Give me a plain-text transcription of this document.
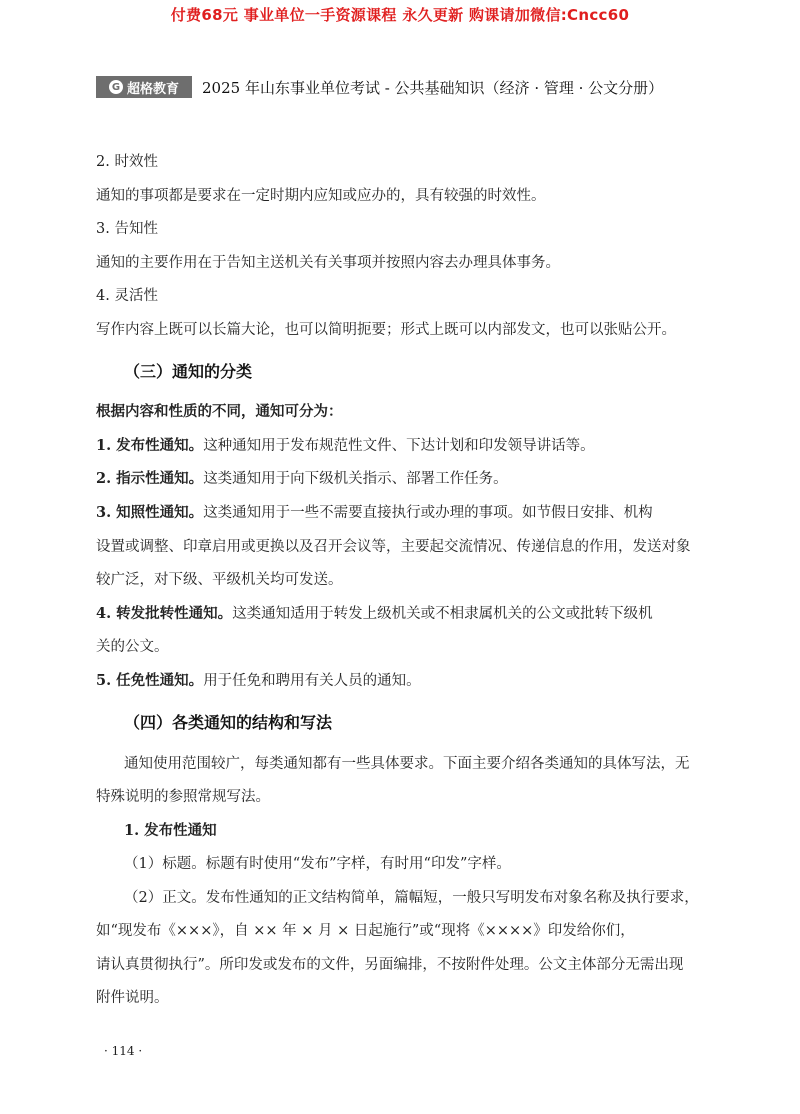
付费68元 事业单位一手资源课程 永久更新 购课请加微信:Cncc60
G 超格教育 2025 年山东事业单位考试 - 公共基础知识（经济 · 管理 · 公文分册）
2. 时效性
通知的事项都是要求在一定时期内应知或应办的，具有较强的时效性。
3. 告知性
通知的主要作用在于告知主送机关有关事项并按照内容去办理具体事务。
4. 灵活性
写作内容上既可以长篇大论，也可以简明扼要；形式上既可以内部发文，也可以张贴公开。
（三）通知的分类
根据内容和性质的不同，通知可分为：
1. 发布性通知。这种通知用于发布规范性文件、下达计划和印发领导讲话等。
2. 指示性通知。这类通知用于向下级机关指示、部署工作任务。
3. 知照性通知。这类通知用于一些不需要直接执行或办理的事项。如节假日安排、机构
设置或调整、印章启用或更换以及召开会议等，主要起交流情况、传递信息的作用，发送对象
较广泛，对下级、平级机关均可发送。
4. 转发批转性通知。这类通知适用于转发上级机关或不相隶属机关的公文或批转下级机
关的公文。
5. 任免性通知。用于任免和聘用有关人员的通知。
（四）各类通知的结构和写法
通知使用范围较广，每类通知都有一些具体要求。下面主要介绍各类通知的具体写法，无
特殊说明的参照常规写法。
1. 发布性通知
（1）标题。标题有时使用“发布”字样，有时用“印发”字样。
（2）正文。发布性通知的正文结构简单，篇幅短，一般只写明发布对象名称及执行要求，
如“现发布《×××》，自 ×× 年 × 月 × 日起施行”或“现将《××××》印发给你们，
请认真贯彻执行”。所印发或发布的文件，另面编排，不按附件处理。公文主体部分无需出现
附件说明。
· 114 ·
